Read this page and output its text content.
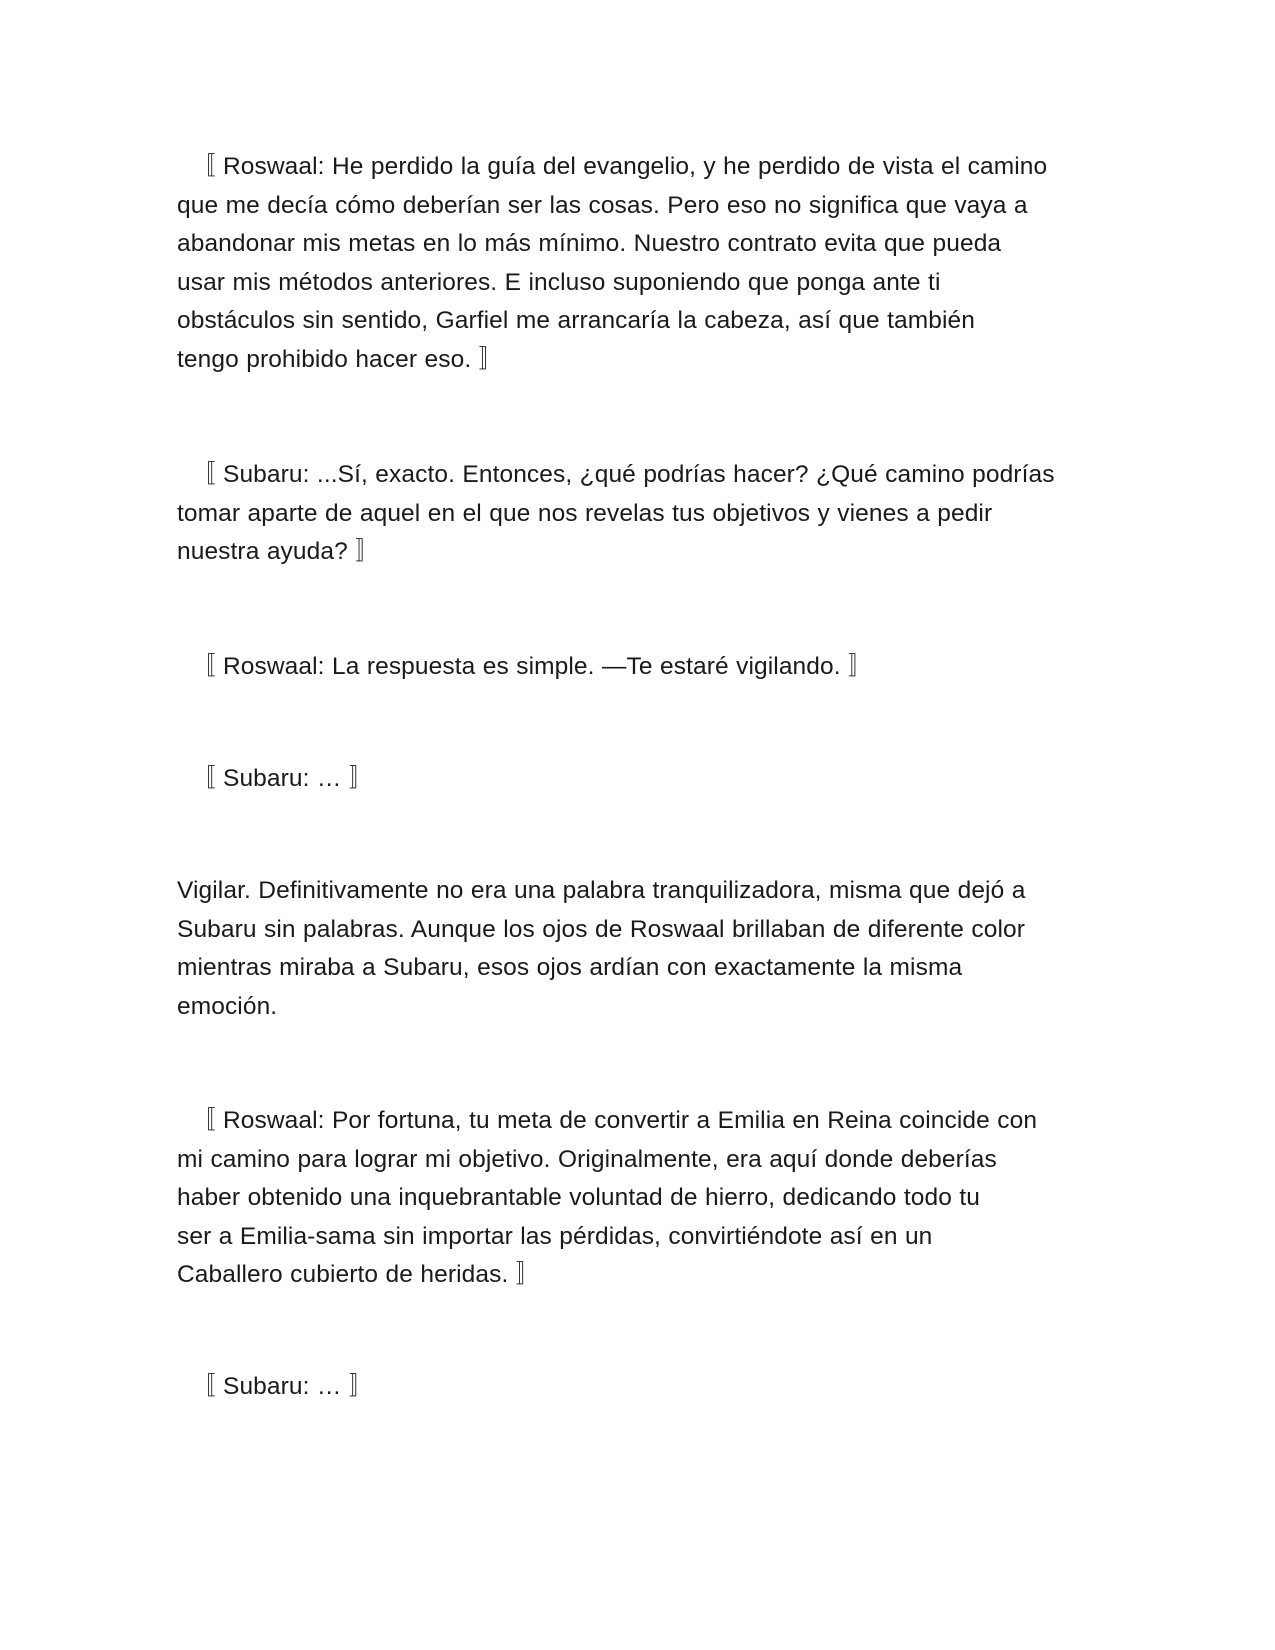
〚 Roswaal: He perdido la guía del evangelio, y he perdido de vista el camino
que me decía cómo deberían ser las cosas. Pero eso no significa que vaya a
abandonar mis metas en lo más mínimo. Nuestro contrato evita que pueda
usar mis métodos anteriores. E incluso suponiendo que ponga ante ti
obstáculos sin sentido, Garfiel me arrancaría la cabeza, así que también
tengo prohibido hacer eso. 〛
〚 Subaru: ...Sí, exacto. Entonces, ¿qué podrías hacer? ¿Qué camino podrías
tomar aparte de aquel en el que nos revelas tus objetivos y vienes a pedir
nuestra ayuda? 〛
〚 Roswaal: La respuesta es simple. —Te estaré vigilando. 〛
〚 Subaru: … 〛
Vigilar. Definitivamente no era una palabra tranquilizadora, misma que dejó a
Subaru sin palabras. Aunque los ojos de Roswaal brillaban de diferente color
mientras miraba a Subaru, esos ojos ardían con exactamente la misma
emoción.
〚 Roswaal: Por fortuna, tu meta de convertir a Emilia en Reina coincide con
mi camino para lograr mi objetivo. Originalmente, era aquí donde deberías
haber obtenido una inquebrantable voluntad de hierro, dedicando todo tu
ser a Emilia-sama sin importar las pérdidas, convirtiéndote así en un
Caballero cubierto de heridas. 〛
〚 Subaru: … 〛
